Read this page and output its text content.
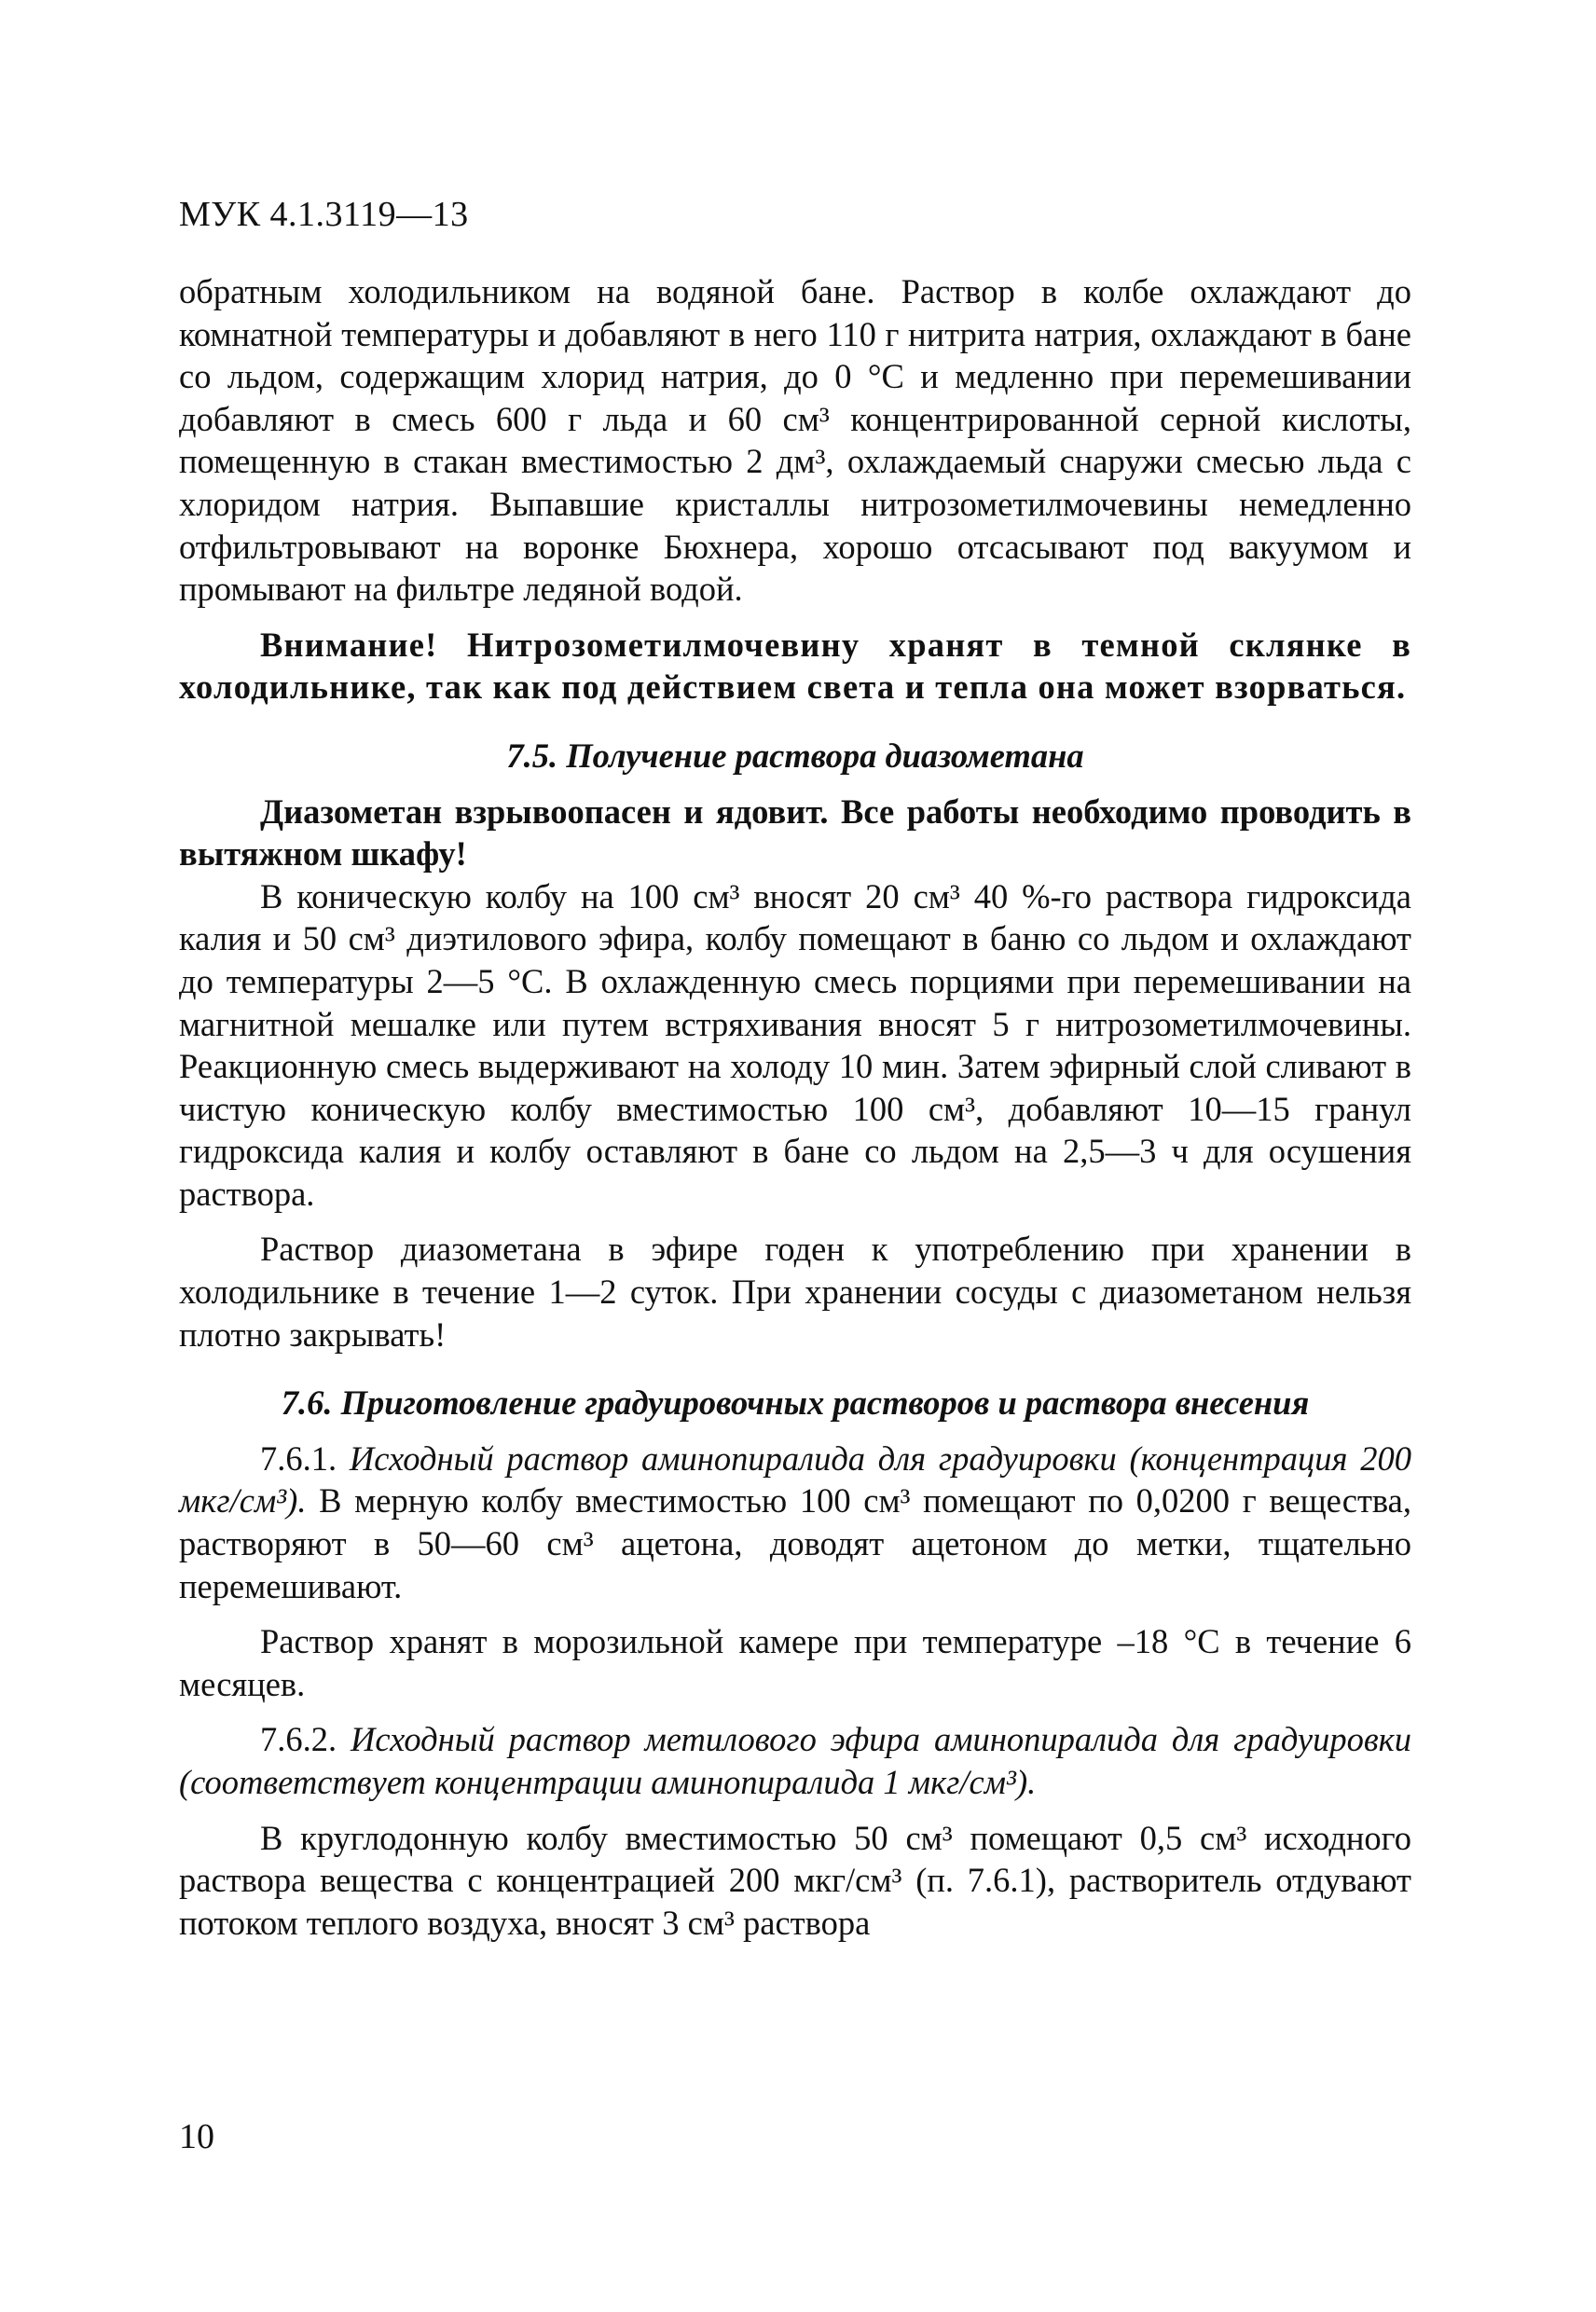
МУК 4.1.3119—13

обратным холодильником на водяной бане. Раствор в колбе охлаждают до комнатной температуры и добавляют в него 110 г нитрита натрия, охлаждают в бане со льдом, содержащим хлорид натрия, до 0 °С и медленно при перемешивании добавляют в смесь 600 г льда и 60 см³ концентрированной серной кислоты, помещенную в стакан вместимостью 2 дм³, охлаждаемый снаружи смесью льда с хлоридом натрия. Выпавшие кристаллы нитрозометилмочевины немедленно отфильтровывают на воронке Бюхнера, хорошо отсасывают под вакуумом и промывают на фильтре ледяной водой.

Внимание! Нитрозометилмочевину хранят в темной склянке в холодильнике, так как под действием света и тепла она может взорваться.

7.5. Получение раствора диазометана

Диазометан взрывоопасен и ядовит. Все работы необходимо проводить в вытяжном шкафу!

В коническую колбу на 100 см³ вносят 20 см³ 40 %-го раствора гидроксида калия и 50 см³ диэтилового эфира, колбу помещают в баню со льдом и охлаждают до температуры 2—5 °С. В охлажденную смесь порциями при перемешивании на магнитной мешалке или путем встряхивания вносят 5 г нитрозометилмочевины. Реакционную смесь выдерживают на холоду 10 мин. Затем эфирный слой сливают в чистую коническую колбу вместимостью 100 см³, добавляют 10—15 гранул гидроксида калия и колбу оставляют в бане со льдом на 2,5—3 ч для осушения раствора.

Раствор диазометана в эфире годен к употреблению при хранении в холодильнике в течение 1—2 суток. При хранении сосуды с диазометаном нельзя плотно закрывать!

7.6. Приготовление градуировочных растворов и раствора внесения

7.6.1. Исходный раствор аминопиралида для градуировки (концентрация 200 мкг/см³). В мерную колбу вместимостью 100 см³ помещают по 0,0200 г вещества, растворяют в 50—60 см³ ацетона, доводят ацетоном до метки, тщательно перемешивают.

Раствор хранят в морозильной камере при температуре –18 °С в течение 6 месяцев.

7.6.2. Исходный раствор метилового эфира аминопиралида для градуировки (соответствует концентрации аминопиралида 1 мкг/см³).

В круглодонную колбу вместимостью 50 см³ помещают 0,5 см³ исходного раствора вещества с концентрацией 200 мкг/см³ (п. 7.6.1), растворитель отдувают потоком теплого воздуха, вносят 3 см³ раствора

10
